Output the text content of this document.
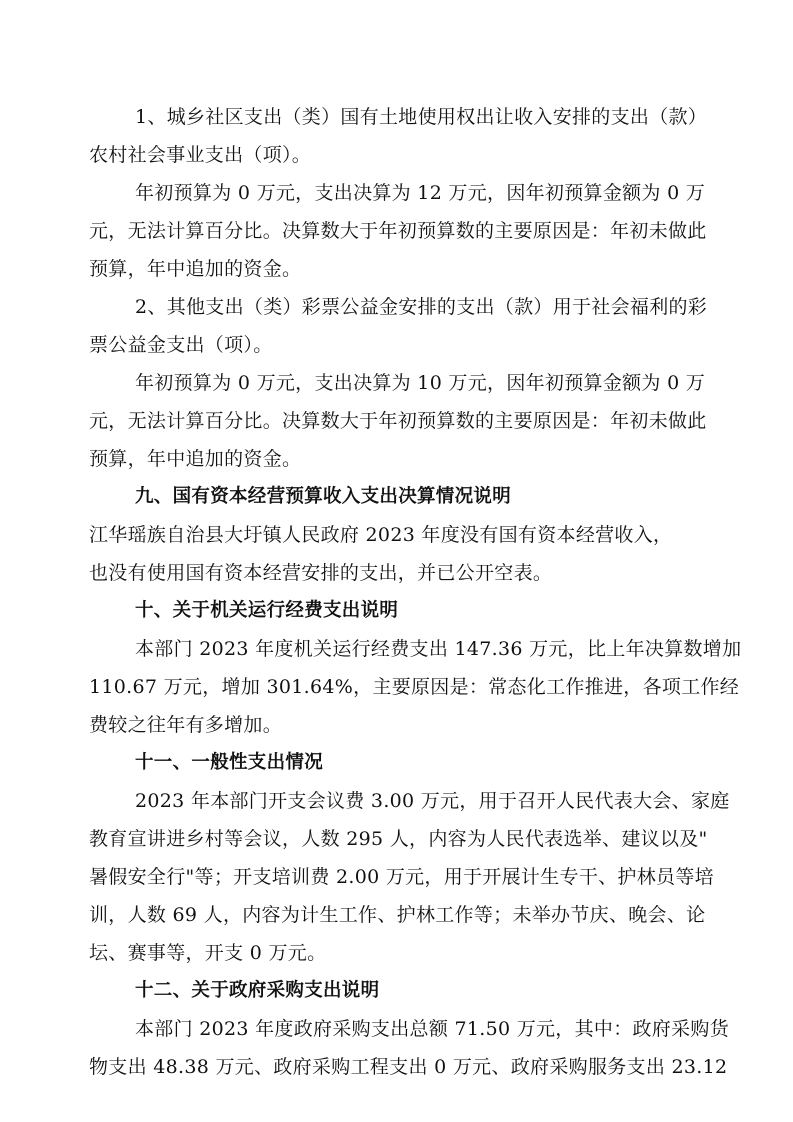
1、城乡社区支出（类）国有土地使用权出让收入安排的支出（款）
农村社会事业支出（项）。
年初预算为 0 万元，支出决算为 12 万元，因年初预算金额为 0 万
元，无法计算百分比。决算数大于年初预算数的主要原因是：年初未做此
预算，年中追加的资金。
2、其他支出（类）彩票公益金安排的支出（款）用于社会福利的彩
票公益金支出（项）。
年初预算为 0 万元，支出决算为 10 万元，因年初预算金额为 0 万
元，无法计算百分比。决算数大于年初预算数的主要原因是：年初未做此
预算，年中追加的资金。
九、国有资本经营预算收入支出决算情况说明
江华瑶族自治县大圩镇人民政府 2023 年度没有国有资本经营收入，
也没有使用国有资本经营安排的支出，并已公开空表。
十、关于机关运行经费支出说明
本部门 2023 年度机关运行经费支出 147.36 万元，比上年决算数增加
110.67 万元，增加 301.64%，主要原因是：常态化工作推进，各项工作经
费较之往年有多增加。
十一、一般性支出情况
2023 年本部门开支会议费 3.00 万元，用于召开人民代表大会、家庭
教育宣讲进乡村等会议，人数 295 人，内容为人民代表选举、建议以及"
暑假安全行"等；开支培训费 2.00 万元，用于开展计生专干、护林员等培
训，人数 69 人，内容为计生工作、护林工作等；未举办节庆、晚会、论
坛、赛事等，开支 0 万元。
十二、关于政府采购支出说明
本部门 2023 年度政府采购支出总额 71.50 万元，其中：政府采购货
物支出 48.38 万元、政府采购工程支出 0 万元、政府采购服务支出 23.12
